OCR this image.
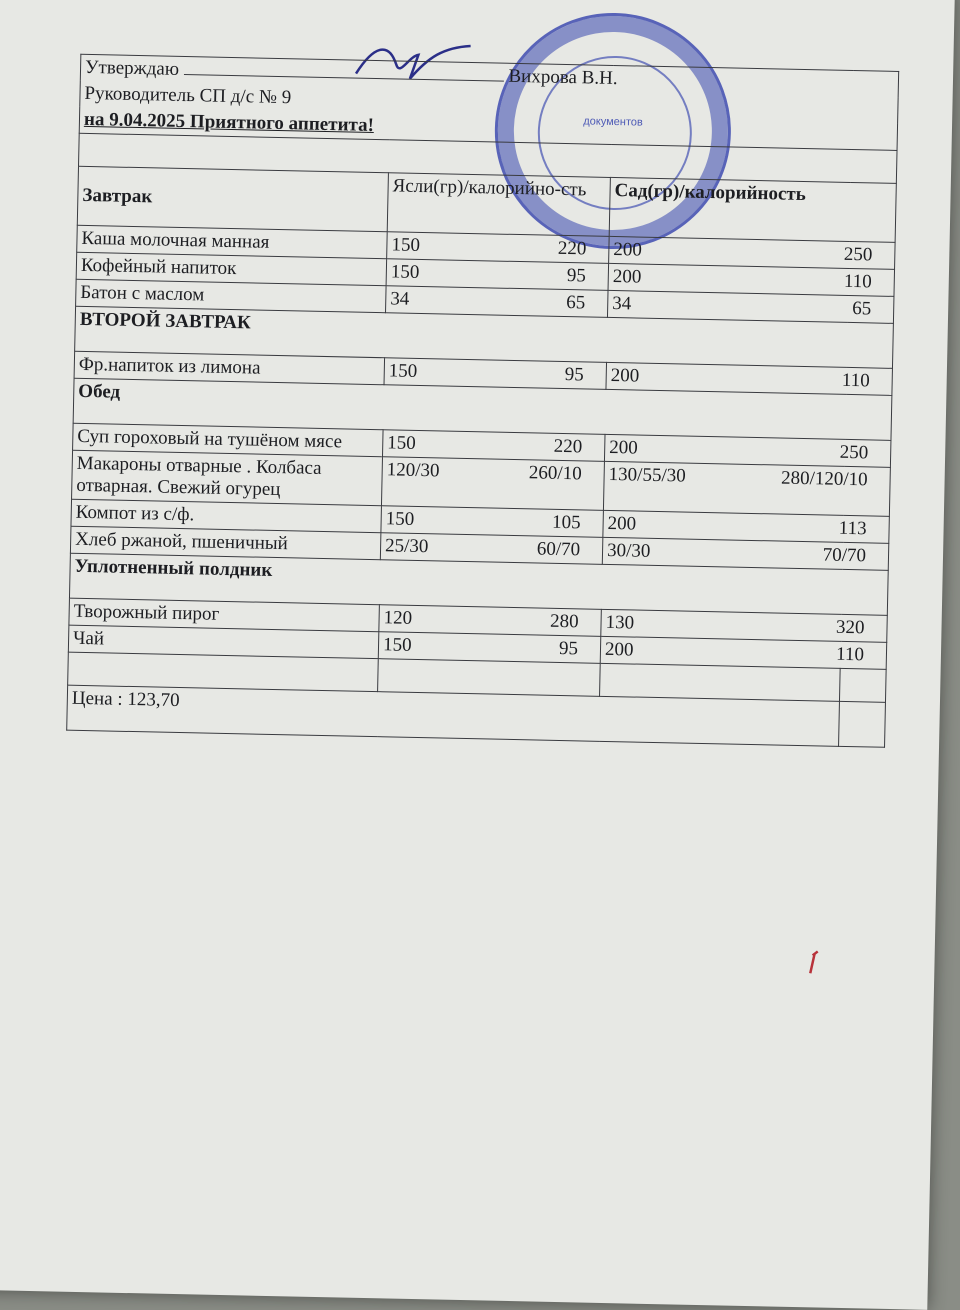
документов
Утверждаю Вихрова В.Н.			
Руководитель СП д/с № 9			
на 9.04.2025 Приятного аппетита!			

Завтрак	Ясли(гр)/калорийно-сть	Сад(гр)/калорийность	
Каша молочная манная	150 220	200 250	

Кофейный напиток	150 95	200 110	

Батон с маслом	34 65	34 65	

ВТОРОЙ ЗАВТРАК			
Фр.напиток из лимона	150 95	200 110	

Обед			
Суп гороховый на тушёном мясе	150 220	200 250	

Макароны отварные . Колбаса отварная. Свежий огурец	120/30 260/10	130/55/30 280/120/10	

Компот из с/ф.	150 105	200 113	

Хлеб ржаной, пшеничный	25/30 60/70	30/30 70/70	

Уплотненный полдник			
Творожный пирог	120 280	130 320	

Чай	150 95	200 110	

Цена : 123,70			
